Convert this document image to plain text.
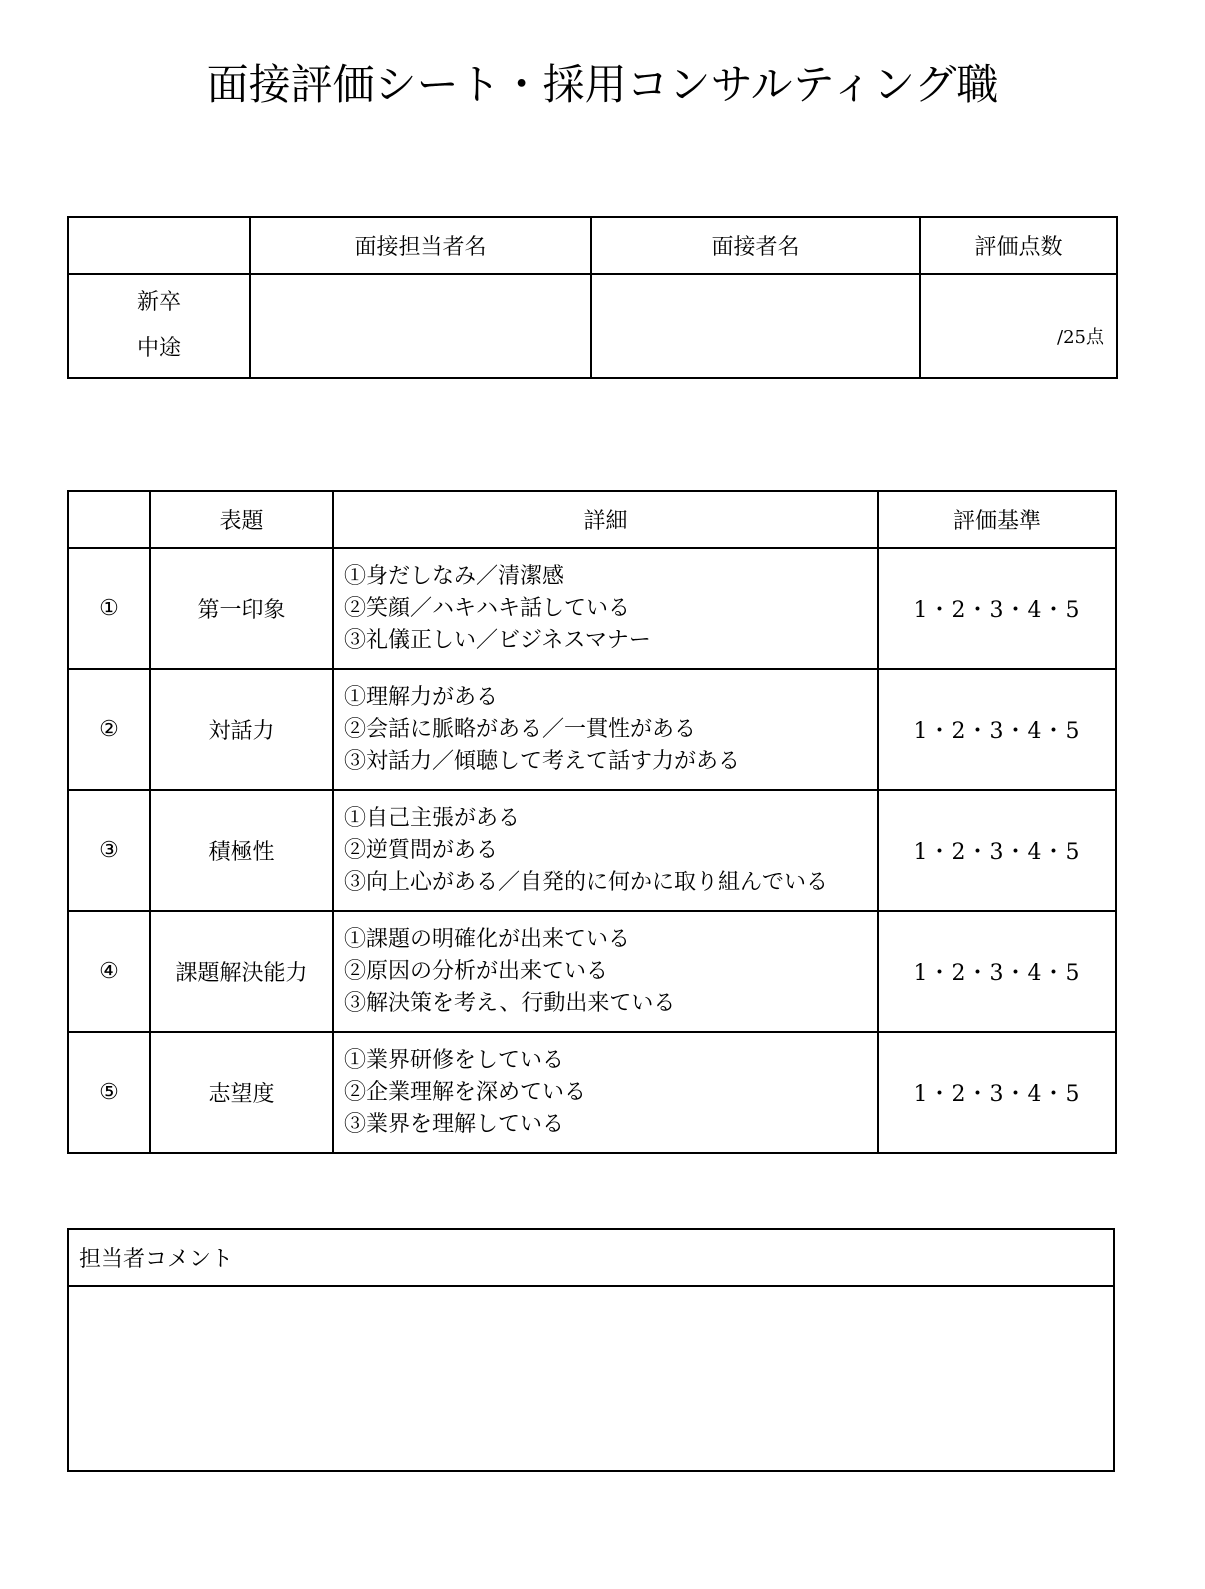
面接評価シート・採用コンサルティング職
	面接担当者名	面接者名	評価点数

新卒
中途			/25点
	表題	詳細	評価基準
①	第一印象	①身だしなみ／清潔感
②笑顔／ハキハキ話している
③礼儀正しい／ビジネスマナー	1・2・3・4・5
②	対話力	①理解力がある
②会話に脈略がある／一貫性がある
③対話力／傾聴して考えて話す力がある	1・2・3・4・5
③	積極性	①自己主張がある
②逆質問がある
③向上心がある／自発的に何かに取り組んでいる	1・2・3・4・5
④	課題解決能力	①課題の明確化が出来ている
②原因の分析が出来ている
③解決策を考え、行動出来ている	1・2・3・4・5
⑤	志望度	①業界研修をしている
②企業理解を深めている
③業界を理解している	1・2・3・4・5
担当者コメント
